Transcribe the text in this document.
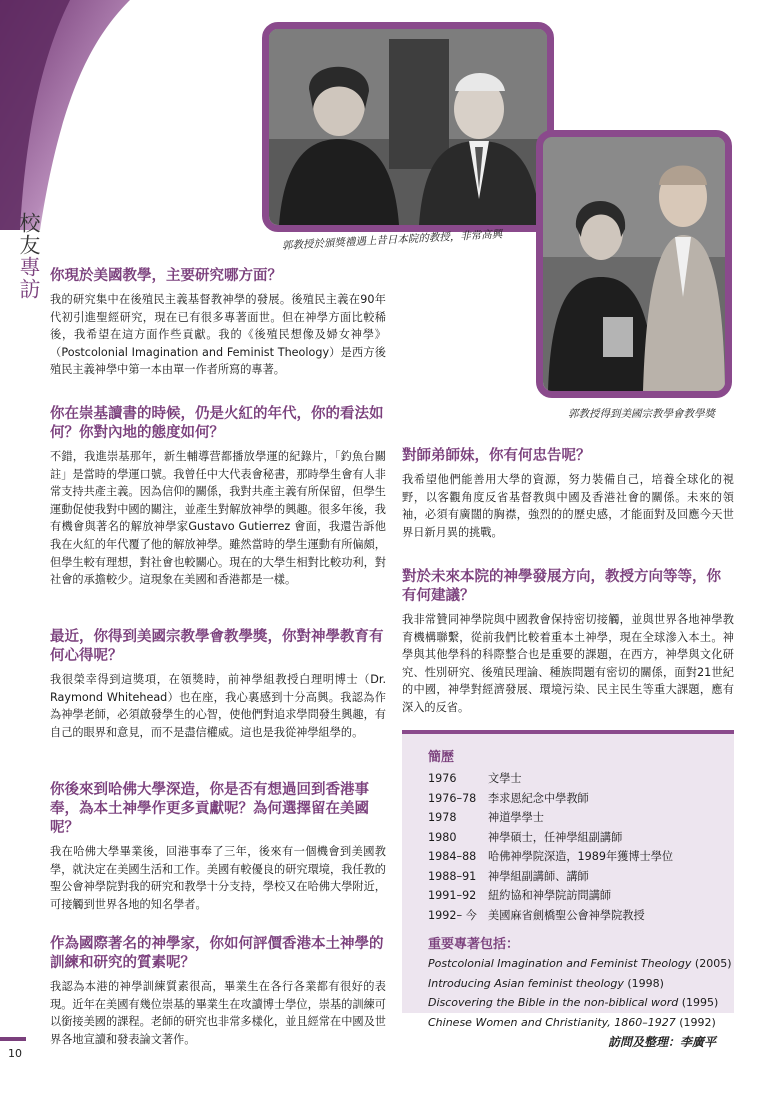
校友專訪
郭教授於頒獎禮遇上昔日本院的教授，非常高興
郭教授得到美國宗教學會教學獎

你現於美國教學，主要研究哪方面？

我的研究集中在後殖民主義基督教神學的發展。後殖民主義在90年代初引進聖經研究，現在已有很多專著面世。但在神學方面比較稀後，我希望在這方面作些貢獻。我的《後殖民想像及婦女神學》（Postcolonial Imagination and Feminist Theology）是西方後殖民主義神學中第一本由單一作者所寫的專著。

你在崇基讀書的時候，仍是火紅的年代，你的看法如何？你對內地的態度如何？

不錯，我進崇基那年，新生輔導营都播放學運的紀錄片，「釣魚台關註」是當時的學運口號。我曾任中大代表會秘書，那時學生會有人非常支持共產主義。因為信仰的關係，我對共產主義有所保留，但學生運動促使我對中國的關注，並產生對解放神學的興趣。很多年後，我有機會與著名的解放神學家Gustavo Gutierrez 會面，我還告訴他我在火紅的年代覆了他的解放神學。雖然當時的學生運動有所偏頗，但學生較有理想，對社會也較關心。現在的大學生相對比較功利，對社會的承擔較少。這現象在美國和香港都是一樣。

最近，你得到美國宗教學會教學獎，你對神學教育有何心得呢？

我很榮幸得到這獎項，在領獎時，前神學組教授白理明博士（Dr. Raymond Whitehead）也在座，我心裏感到十分高興。我認為作為神學老師，必須啟發學生的心智，使他們對追求學問發生興趣，有自己的眼界和意見，而不是盡信權威。這也是我從神學組學的。

你後來到哈佛大學深造，你是否有想過回到香港事奉，為本土神學作更多貢獻呢？為何選擇留在美國呢？

我在哈佛大學畢業後，回港事奉了三年，後來有一個機會到美國教學，就決定在美國生活和工作。美國有較優良的研究環境，我任教的聖公會神學院對我的研究和教學十分支持，學校又在哈佛大學附近，可接觸到世界各地的知名學者。

作為國際著名的神學家，你如何評價香港本土神學的訓練和研究的質素呢？

我認為本港的神學訓練質素很高，畢業生在各行各業都有很好的表現。近年在美國有幾位崇基的畢業生在攻讀博士學位，崇基的訓練可以銜接美國的課程。老師的研究也非常多樣化，並且經常在中國及世界各地宣讀和發表論文著作。

對師弟師妹，你有何忠告呢？

我希望他們能善用大學的資源，努力裝備自己，培養全球化的視野，以客觀角度反省基督教與中國及香港社會的關係。未來的領袖，必須有廣闊的胸襟，強烈的的歷史感，才能面對及回應今天世界日新月異的挑戰。

對於未來本院的神學發展方向，教授方向等等，你有何建議？

我非常贊同神學院與中國教會保持密切接觸，並與世界各地神學教育機構聯繫，從前我們比較着重本土神學，現在全球滲入本土。神學與其他學科的科際整合也是重要的課題，在西方，神學與文化研究、性別研究、後殖民理論、種族問題有密切的關係，面對21世紀的中國，神學對經濟發展、環境污染、民主民生等重大課題，應有深入的反省。

簡歷
1976	文學士
1976–78	李求恩紀念中學教師
1978	神道學學士
1980	神學碩士，任神學組副講師
1984–88	哈佛神學院深造，1989年獲博士學位
1988–91	神學組副講師、講師
1991–92	紐約協和神學院訪問講師
1992– 今 美國麻省劍橋聖公會神學院教授
重要專著包括：
Postcolonial Imagination and Feminist Theology (2005)
Introducing Asian feminist theology (1998)
Discovering the Bible in the non-biblical word (1995)
Chinese Women and Christianity, 1860–1927 (1992)
訪問及整理：李廣平
10
